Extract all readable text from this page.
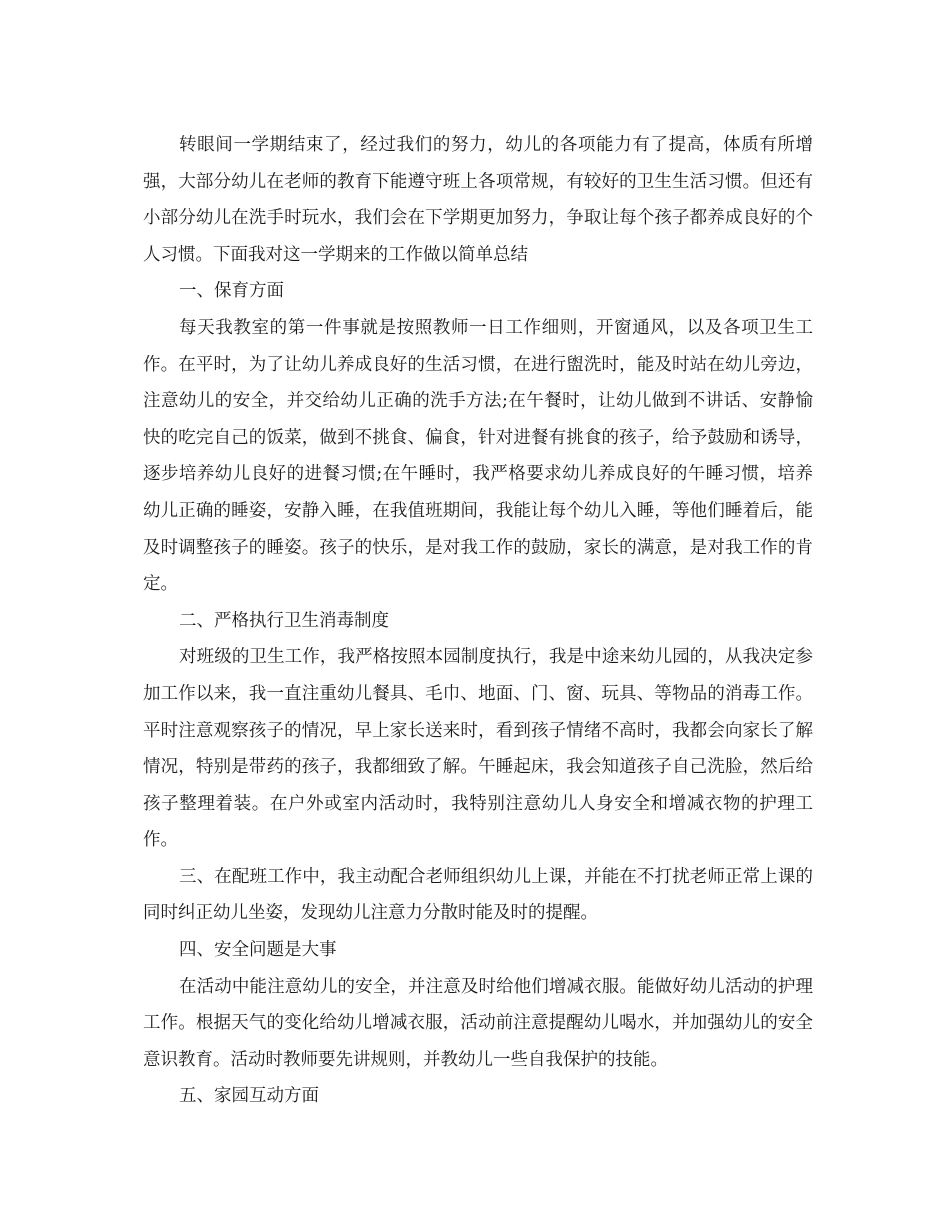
转眼间一学期结束了，经过我们的努力，幼儿的各项能力有了提高，体质有所增强，大部分幼儿在老师的教育下能遵守班上各项常规，有较好的卫生生活习惯。但还有小部分幼儿在洗手时玩水，我们会在下学期更加努力，争取让每个孩子都养成良好的个人习惯。下面我对这一学期来的工作做以简单总结

一、保育方面

每天我教室的第一件事就是按照教师一日工作细则，开窗通风，以及各项卫生工作。在平时，为了让幼儿养成良好的生活习惯，在进行盥洗时，能及时站在幼儿旁边，注意幼儿的安全，并交给幼儿正确的洗手方法;在午餐时，让幼儿做到不讲话、安静愉快的吃完自己的饭菜，做到不挑食、偏食，针对进餐有挑食的孩子，给予鼓励和诱导，逐步培养幼儿良好的进餐习惯;在午睡时，我严格要求幼儿养成良好的午睡习惯，培养幼儿正确的睡姿，安静入睡，在我值班期间，我能让每个幼儿入睡，等他们睡着后，能及时调整孩子的睡姿。孩子的快乐，是对我工作的鼓励，家长的满意，是对我工作的肯定。

二、严格执行卫生消毒制度

对班级的卫生工作，我严格按照本园制度执行，我是中途来幼儿园的，从我决定参加工作以来，我一直注重幼儿餐具、毛巾、地面、门、窗、玩具、等物品的消毒工作。平时注意观察孩子的情况，早上家长送来时，看到孩子情绪不高时，我都会向家长了解情况，特别是带药的孩子，我都细致了解。午睡起床，我会知道孩子自己洗脸，然后给孩子整理着装。在户外或室内活动时，我特别注意幼儿人身安全和增减衣物的护理工作。

三、在配班工作中，我主动配合老师组织幼儿上课，并能在不打扰老师正常上课的同时纠正幼儿坐姿，发现幼儿注意力分散时能及时的提醒。

四、安全问题是大事

在活动中能注意幼儿的安全，并注意及时给他们增减衣服。能做好幼儿活动的护理工作。根据天气的变化给幼儿增减衣服，活动前注意提醒幼儿喝水，并加强幼儿的安全意识教育。活动时教师要先讲规则，并教幼儿一些自我保护的技能。

五、家园互动方面
